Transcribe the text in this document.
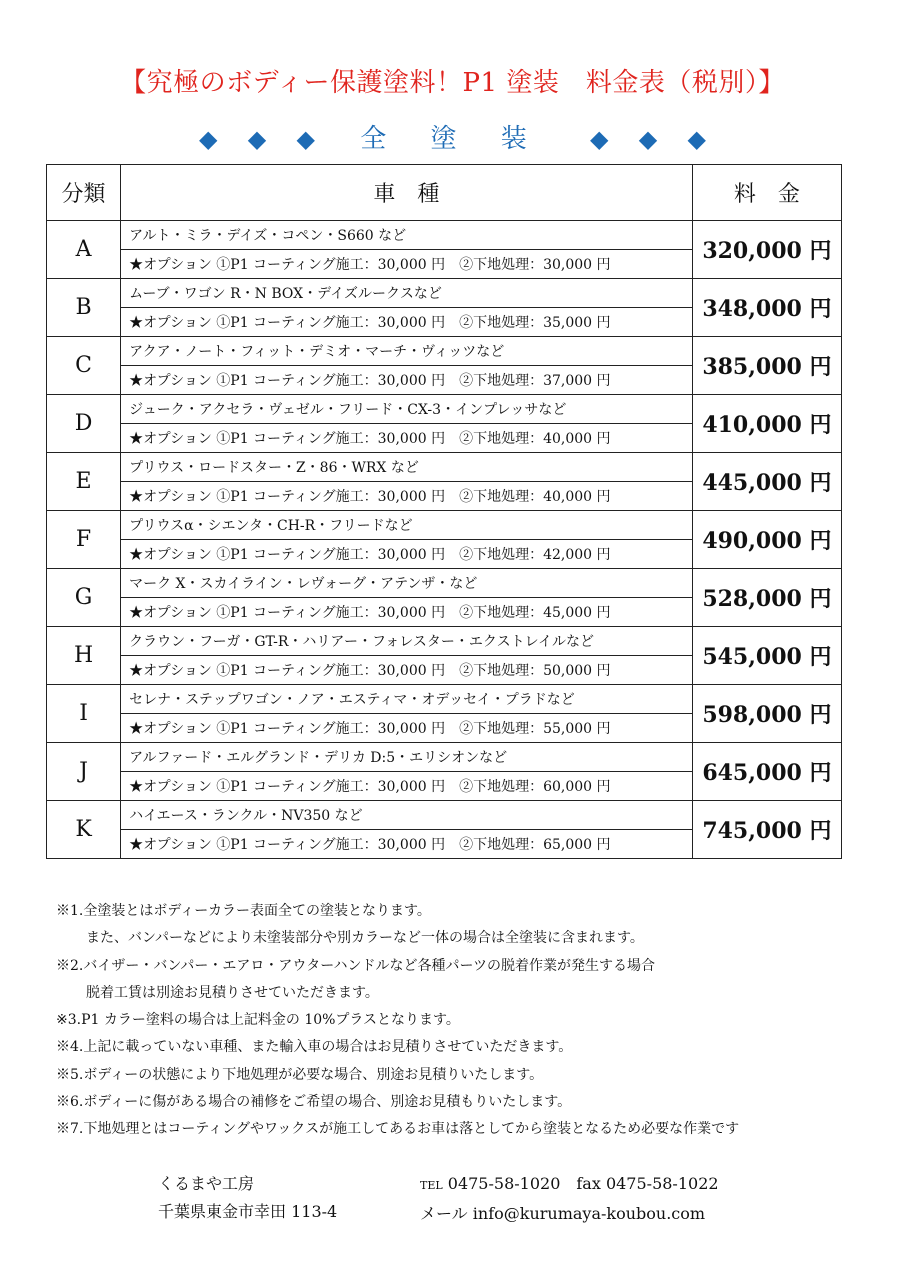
【究極のボディー保護塗料！P1 塗装　料金表（税別）】
◆ ◆ ◆ 全 塗 装 ◆ ◆ ◆
分類	車　種	料　金
A	アルト・ミラ・デイズ・コペン・S660 など	320,000 円
	★オプション ①P1 コーティング施工：30,000 円　②下地処理：30,000 円	
B	ムーブ・ワゴン R・N BOX・デイズルークスなど	348,000 円
	★オプション ①P1 コーティング施工：30,000 円　②下地処理：35,000 円	
C	アクア・ノート・フィット・デミオ・マーチ・ヴィッツなど	385,000 円
	★オプション ①P1 コーティング施工：30,000 円　②下地処理：37,000 円	
D	ジューク・アクセラ・ヴェゼル・フリード・CX-3・インプレッサなど	410,000 円
	★オプション ①P1 コーティング施工：30,000 円　②下地処理：40,000 円	
E	プリウス・ロードスター・Z・86・WRX など	445,000 円
	★オプション ①P1 コーティング施工：30,000 円　②下地処理：40,000 円	
F	プリウスα・シエンタ・CH-R・フリードなど	490,000 円
	★オプション ①P1 コーティング施工：30,000 円　②下地処理：42,000 円	
G	マーク X・スカイライン・レヴォーグ・アテンザ・など	528,000 円
	★オプション ①P1 コーティング施工：30,000 円　②下地処理：45,000 円	
H	クラウン・フーガ・GT-R・ハリアー・フォレスター・エクストレイルなど	545,000 円
	★オプション ①P1 コーティング施工：30,000 円　②下地処理：50,000 円	
I	セレナ・ステップワゴン・ノア・エスティマ・オデッセイ・プラドなど	598,000 円
	★オプション ①P1 コーティング施工：30,000 円　②下地処理：55,000 円	
J	アルファード・エルグランド・デリカ D:5・エリシオンなど	645,000 円
	★オプション ①P1 コーティング施工：30,000 円　②下地処理：60,000 円	
K	ハイエース・ランクル・NV350 など	745,000 円
	★オプション ①P1 コーティング施工：30,000 円　②下地処理：65,000 円	
※1.全塗装とはボディーカラー表面全ての塗装となります。
また、バンパーなどにより未塗装部分や別カラーなど一体の場合は全塗装に含まれます。
※2.バイザー・バンパー・エアロ・アウターハンドルなど各種パーツの脱着作業が発生する場合
脱着工賃は別途お見積りさせていただきます。
※3.P1 カラー塗料の場合は上記料金の 10%プラスとなります。
※4.上記に載っていない車種、また輸入車の場合はお見積りさせていただきます。
※5.ボディーの状態により下地処理が必要な場合、別途お見積りいたします。
※6.ボディーに傷がある場合の補修をご希望の場合、別途お見積もりいたします。
※7.下地処理とはコーティングやワックスが施工してあるお車は落としてから塗装となるため必要な作業です
くるまや工房
千葉県東金市幸田 113-4
TEL 0475-58-1020　fax 0475-58-1022
メール info@kurumaya-koubou.com
